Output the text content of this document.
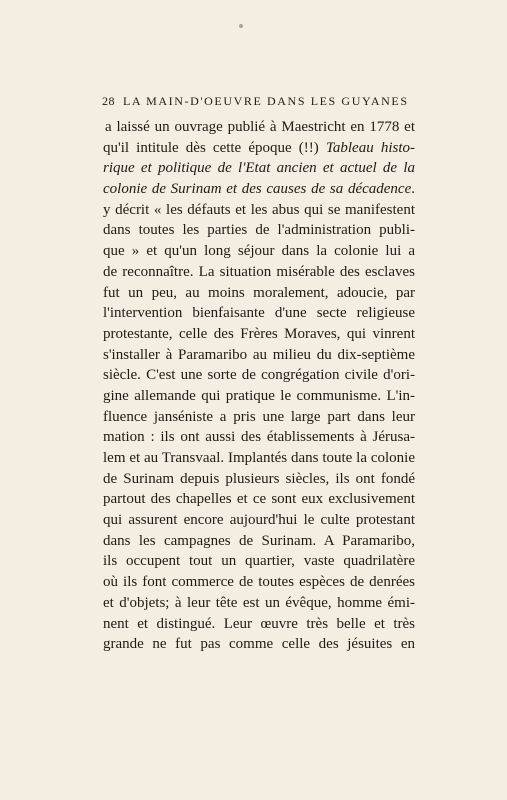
28 LA MAIN-D'OEUVRE DANS LES GUYANES
a laissé un ouvrage publié à Maestricht en 1778 et
qu'il intitule dès cette époque (!!) Tableau histo-
rique et politique de l'Etat ancien et actuel de la
colonie de Surinam et des causes de sa décadence.
y décrit « les défauts et les abus qui se manifestent
dans toutes les parties de l'administration publi-
que » et qu'un long séjour dans la colonie lui a
de reconnaître. La situation misérable des esclaves
fut un peu, au moins moralement, adoucie, par
l'intervention bienfaisante d'une secte religieuse
protestante, celle des Frères Moraves, qui vinrent
s'installer à Paramaribo au milieu du dix-septième
siècle. C'est une sorte de congrégation civile d'ori-
gine allemande qui pratique le communisme. L'in-
fluence janséniste a pris une large part dans leur
mation : ils ont aussi des établissements à Jérusa-
lem et au Transvaal. Implantés dans toute la colonie
de Surinam depuis plusieurs siècles, ils ont fondé
partout des chapelles et ce sont eux exclusivement
qui assurent encore aujourd'hui le culte protestant
dans les campagnes de Surinam. A Paramaribo,
ils occupent tout un quartier, vaste quadrilatère
où ils font commerce de toutes espèces de denrées
et d'objets; à leur tête est un évêque, homme émi-
nent et distingué. Leur œuvre très belle et très
grande ne fut pas comme celle des jésuites en
